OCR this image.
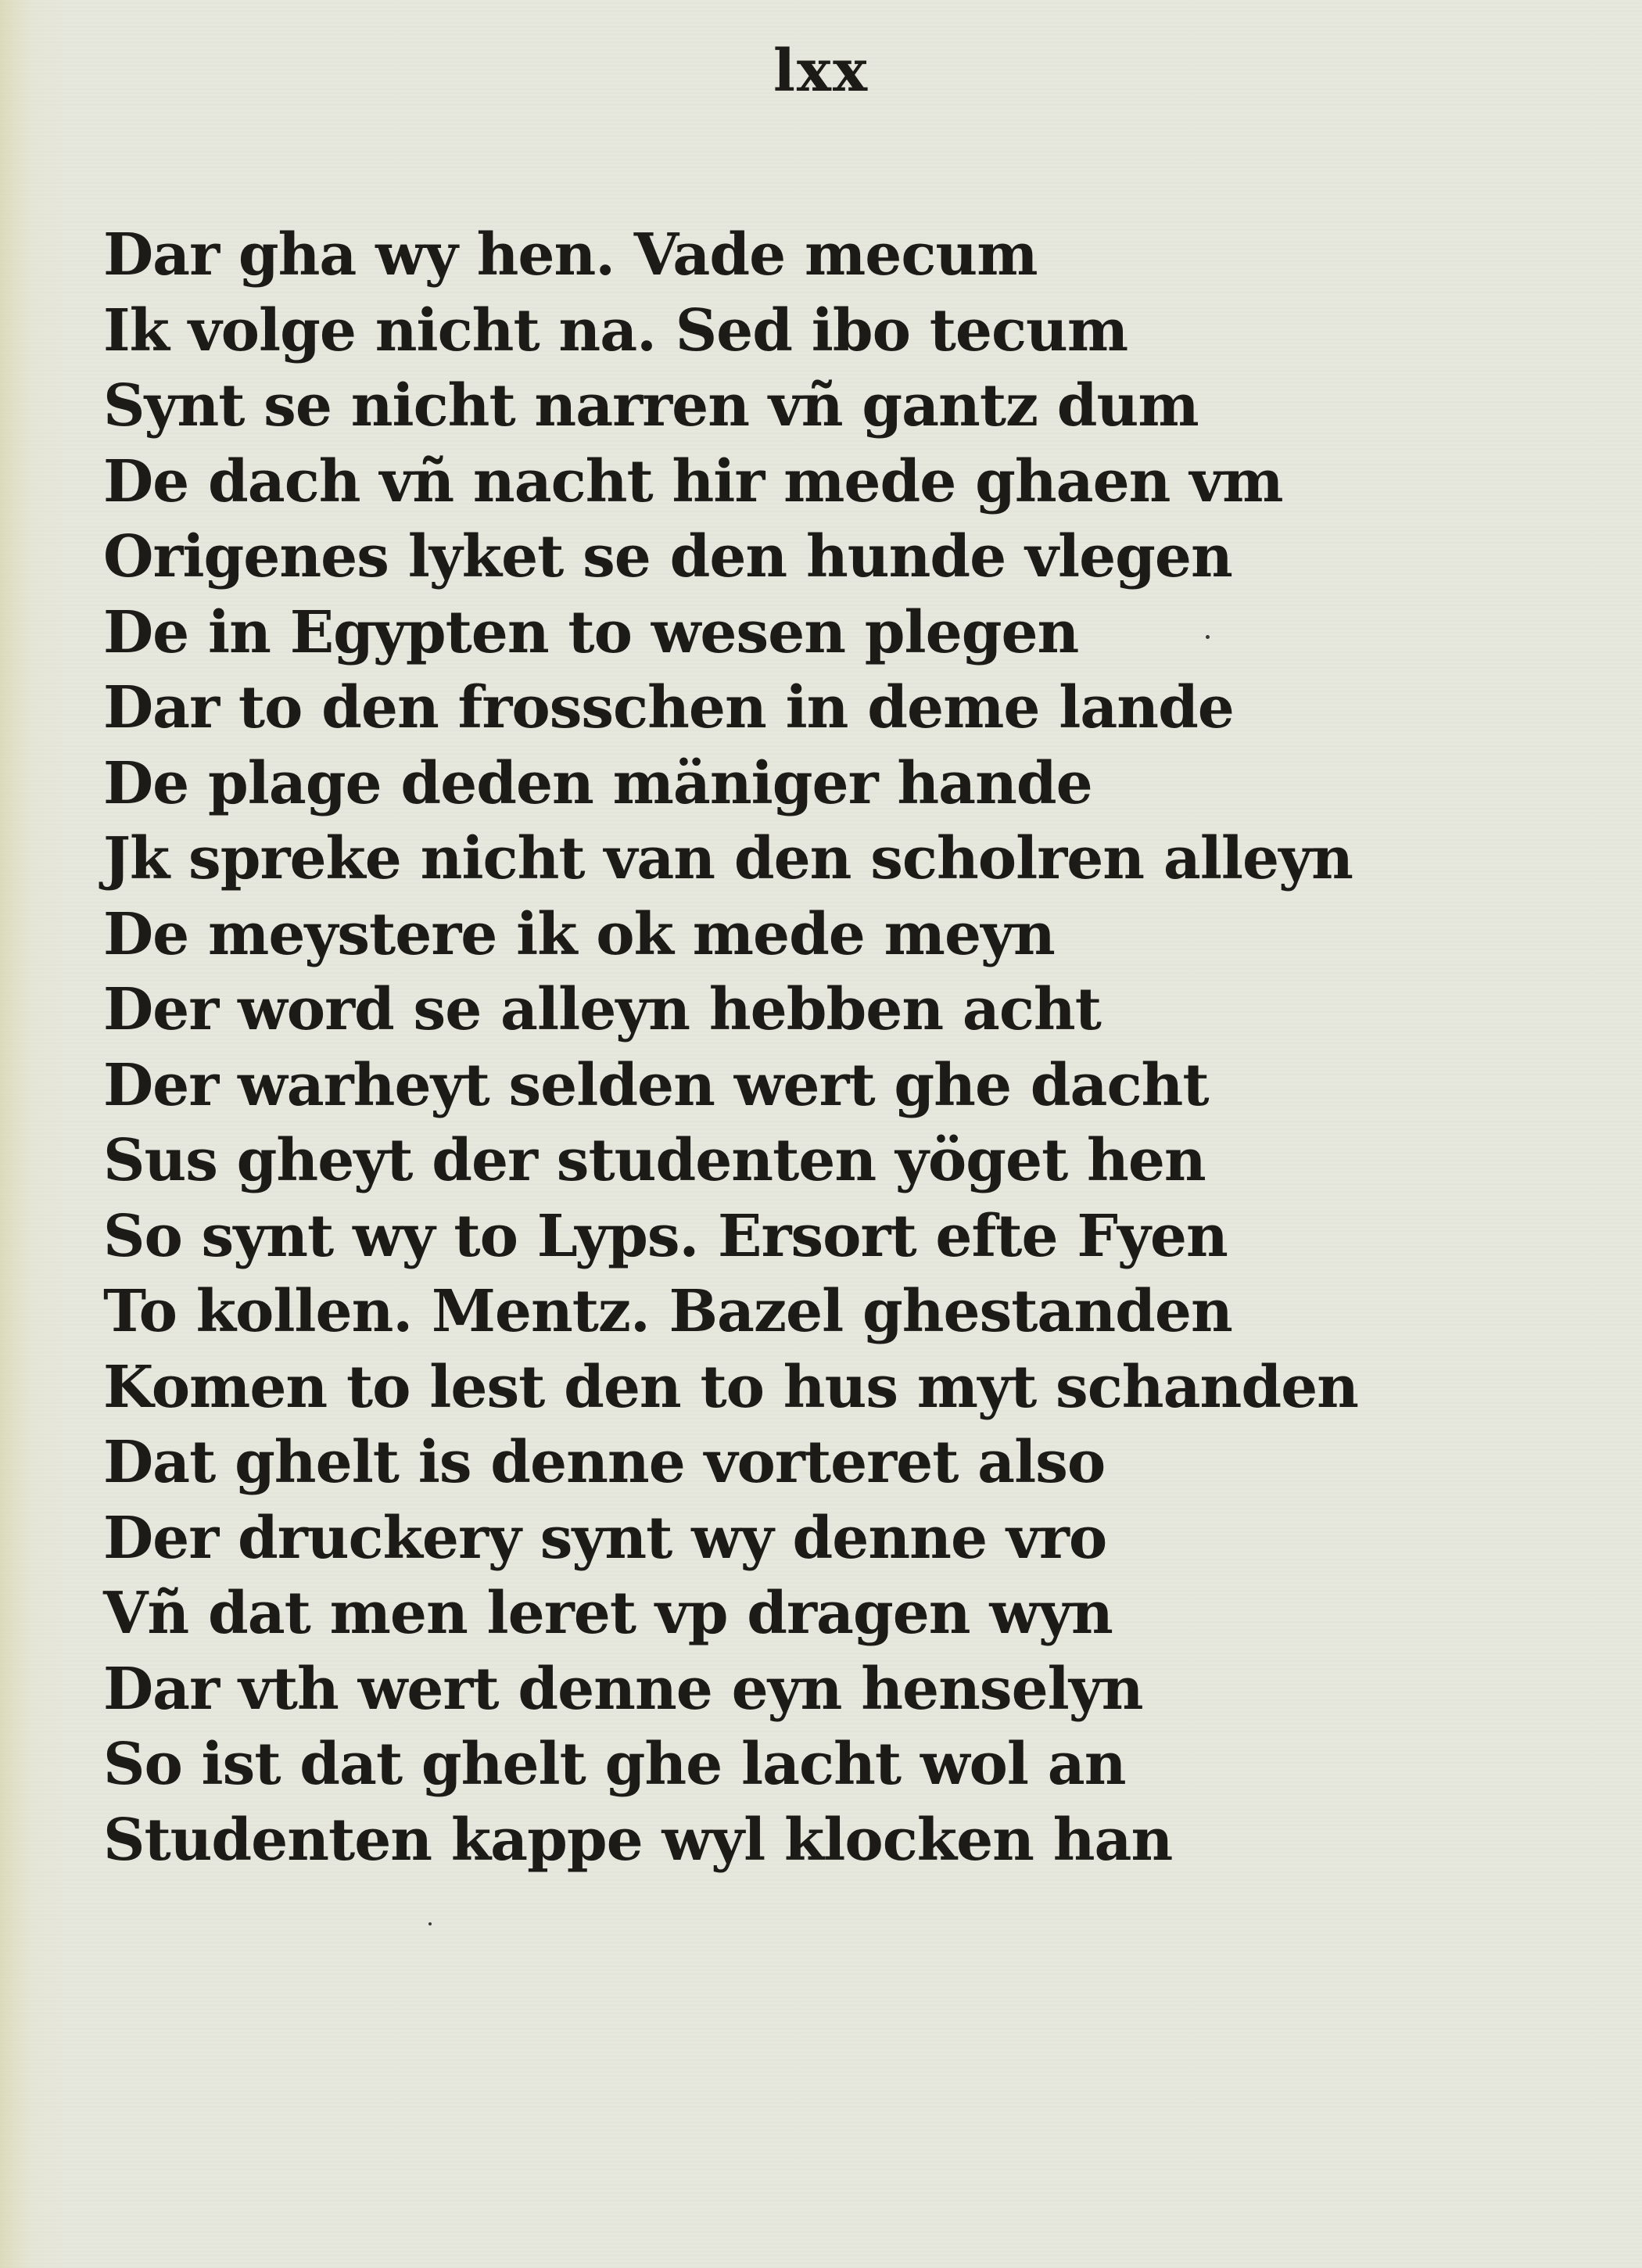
lxx
Dar gha wy hen. Vade mecum
Ik volge nicht na. Sed ibo tecum
Synt se nicht narren vñ gantz dum
De dach vñ nacht hir mede ghaen vm
Origenes lyket se den hunde vlegen
De in Egypten to wesen plegen
Dar to den frosschen in deme lande
De plage deden mäniger hande
Jk spreke nicht van den scholren alleyn
De meystere ik ok mede meyn
Der word se alleyn hebben acht
Der warheyt selden wert ghe dacht
Sus gheyt der studenten yöget hen
So synt wy to Lyps. Ersort efte Fyen
To kollen. Mentz. Bazel ghestanden
Komen to lest den to hus myt schanden
Dat ghelt is denne vorteret also
Der druckery synt wy denne vro
Vñ dat men leret vp dragen wyn
Dar vth wert denne eyn henselyn
So ist dat ghelt ghe lacht wol an
Studenten kappe wyl klocken han
